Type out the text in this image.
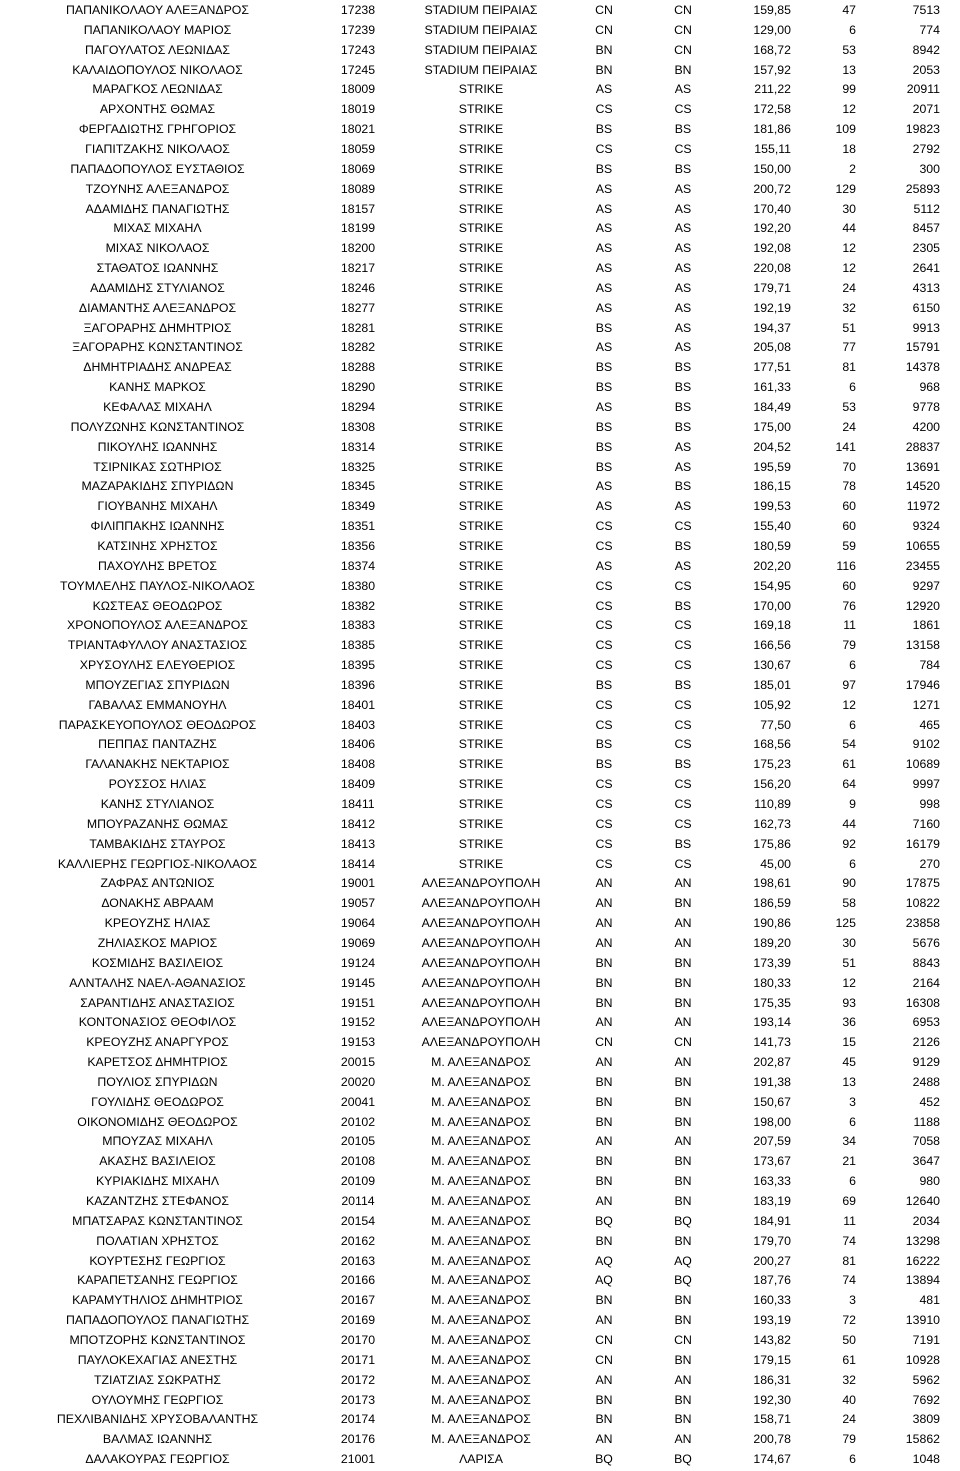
ΠΑΠΑΝΙΚΟΛΑΟΥ ΑΛΕΞΑΝΔΡΟΣ	17238	STADIUM ΠΕΙΡΑΙΑΣ	CN	CN	159,85	47	7513
ΠΑΠΑΝΙΚΟΛΑΟΥ ΜΑΡΙΟΣ	17239	STADIUM ΠΕΙΡΑΙΑΣ	CN	CN	129,00	6	774
ΠΑΓΟΥΛΑΤΟΣ ΛΕΩΝΙΔΑΣ	17243	STADIUM ΠΕΙΡΑΙΑΣ	BN	CN	168,72	53	8942
ΚΑΛΑΙΔΟΠΟΥΛΟΣ ΝΙΚΟΛΑΟΣ	17245	STADIUM ΠΕΙΡΑΙΑΣ	BN	BN	157,92	13	2053
ΜΑΡΑΓΚΟΣ ΛΕΩΝΙΔΑΣ	18009	STRIKE	AS	AS	211,22	99	20911
ΑΡΧΟΝΤΗΣ ΘΩΜΑΣ	18019	STRIKE	CS	CS	172,58	12	2071
ΦΕΡΓΑΔΙΩΤΗΣ ΓΡΗΓΟΡΙΟΣ	18021	STRIKE	BS	BS	181,86	109	19823
ΓΙΑΠΙΤΖΑΚΗΣ ΝΙΚΟΛΑΟΣ	18059	STRIKE	CS	CS	155,11	18	2792
ΠΑΠΑΔΟΠΟΥΛΟΣ ΕΥΣΤΑΘΙΟΣ	18069	STRIKE	BS	BS	150,00	2	300
ΤΖΟΥΝΗΣ ΑΛΕΞΑΝΔΡΟΣ	18089	STRIKE	AS	AS	200,72	129	25893
ΑΔΑΜΙΔΗΣ ΠΑΝΑΓΙΩΤΗΣ	18157	STRIKE	AS	AS	170,40	30	5112
ΜΙΧΑΣ ΜΙΧΑΗΛ	18199	STRIKE	AS	AS	192,20	44	8457
ΜΙΧΑΣ ΝΙΚΟΛΑΟΣ	18200	STRIKE	AS	AS	192,08	12	2305
ΣΤΑΘΑΤΟΣ ΙΩΑΝΝΗΣ	18217	STRIKE	AS	AS	220,08	12	2641
ΑΔΑΜΙΔΗΣ ΣΤΥΛΙΑΝΟΣ	18246	STRIKE	AS	AS	179,71	24	4313
ΔΙΑΜΑΝΤΗΣ ΑΛΕΞΑΝΔΡΟΣ	18277	STRIKE	AS	AS	192,19	32	6150
ΞΑΓΟΡΑΡΗΣ ΔΗΜΗΤΡΙΟΣ	18281	STRIKE	BS	AS	194,37	51	9913
ΞΑΓΟΡΑΡΗΣ ΚΩΝΣΤΑΝΤΙΝΟΣ	18282	STRIKE	AS	AS	205,08	77	15791
ΔΗΜΗΤΡΙΑΔΗΣ ΑΝΔΡΕΑΣ	18288	STRIKE	BS	BS	177,51	81	14378
ΚΑΝΗΣ ΜΑΡΚΟΣ	18290	STRIKE	BS	BS	161,33	6	968
ΚΕΦΑΛΑΣ ΜΙΧΑΗΛ	18294	STRIKE	AS	BS	184,49	53	9778
ΠΟΛΥΖΩΝΗΣ ΚΩΝΣΤΑΝΤΙΝΟΣ	18308	STRIKE	BS	BS	175,00	24	4200
ΠΙΚΟΥΛΗΣ ΙΩΑΝΝΗΣ	18314	STRIKE	BS	AS	204,52	141	28837
ΤΣΙΡΝΙΚΑΣ ΣΩΤΗΡΙΟΣ	18325	STRIKE	BS	AS	195,59	70	13691
ΜΑΖΑΡΑΚΙΔΗΣ ΣΠΥΡΙΔΩΝ	18345	STRIKE	AS	BS	186,15	78	14520
ΓΙΟΥΒΑΝΗΣ ΜΙΧΑΗΛ	18349	STRIKE	AS	AS	199,53	60	11972
ΦΙΛΙΠΠΑΚΗΣ ΙΩΑΝΝΗΣ	18351	STRIKE	CS	CS	155,40	60	9324
ΚΑΤΣΙΝΗΣ ΧΡΗΣΤΟΣ	18356	STRIKE	CS	BS	180,59	59	10655
ΠΑΧΟΥΛΗΣ ΒΡΕΤΟΣ	18374	STRIKE	AS	AS	202,20	116	23455
ΤΟΥΜΛΕΛΗΣ ΠΑΥΛΟΣ-ΝΙΚΟΛΑΟΣ	18380	STRIKE	CS	CS	154,95	60	9297
ΚΩΣΤΕΑΣ ΘΕΟΔΩΡΟΣ	18382	STRIKE	CS	BS	170,00	76	12920
ΧΡΟΝΟΠΟΥΛΟΣ ΑΛΕΞΑΝΔΡΟΣ	18383	STRIKE	CS	CS	169,18	11	1861
ΤΡΙΑΝΤΑΦΥΛΛΟΥ ΑΝΑΣΤΑΣΙΟΣ	18385	STRIKE	CS	CS	166,56	79	13158
ΧΡΥΣΟΥΛΗΣ ΕΛΕΥΘΕΡΙΟΣ	18395	STRIKE	CS	CS	130,67	6	784
ΜΠΟΥΖΕΓΙΑΣ ΣΠΥΡΙΔΩΝ	18396	STRIKE	BS	BS	185,01	97	17946
ΓΑΒΑΛΑΣ ΕΜΜΑΝΟΥΗΛ	18401	STRIKE	CS	CS	105,92	12	1271
ΠΑΡΑΣΚΕΥΟΠΟΥΛΟΣ ΘΕΟΔΩΡΟΣ	18403	STRIKE	CS	CS	77,50	6	465
ΠΕΠΠΑΣ ΠΑΝΤΑΖΗΣ	18406	STRIKE	BS	CS	168,56	54	9102
ΓΑΛΑΝΑΚΗΣ ΝΕΚΤΑΡΙΟΣ	18408	STRIKE	BS	BS	175,23	61	10689
ΡΟΥΣΣΟΣ ΗΛΙΑΣ	18409	STRIKE	CS	CS	156,20	64	9997
ΚΑΝΗΣ ΣΤΥΛΙΑΝΟΣ	18411	STRIKE	CS	CS	110,89	9	998
ΜΠΟΥΡΑΖΑΝΗΣ ΘΩΜΑΣ	18412	STRIKE	CS	CS	162,73	44	7160
ΤΑΜΒΑΚΙΔΗΣ ΣΤΑΥΡΟΣ	18413	STRIKE	CS	BS	175,86	92	16179
ΚΑΛΛΙΕΡΗΣ ΓΕΩΡΓΙΟΣ-ΝΙΚΟΛΑΟΣ	18414	STRIKE	CS	CS	45,00	6	270
ΖΑΦΡΑΣ ΑΝΤΩΝΙΟΣ	19001	ΑΛΕΞΑΝΔΡΟΥΠΟΛΗ	AN	AN	198,61	90	17875
ΔΟΝΑΚΗΣ ΑΒΡΑΑΜ	19057	ΑΛΕΞΑΝΔΡΟΥΠΟΛΗ	AN	BN	186,59	58	10822
ΚΡΕΟΥΖΗΣ ΗΛΙΑΣ	19064	ΑΛΕΞΑΝΔΡΟΥΠΟΛΗ	AN	AN	190,86	125	23858
ΖΗΛΙΑΣΚΟΣ ΜΑΡΙΟΣ	19069	ΑΛΕΞΑΝΔΡΟΥΠΟΛΗ	AN	AN	189,20	30	5676
ΚΟΣΜΙΔΗΣ ΒΑΣΙΛΕΙΟΣ	19124	ΑΛΕΞΑΝΔΡΟΥΠΟΛΗ	BN	BN	173,39	51	8843
ΑΛΝΤΑΛΗΣ ΝΑΕΛ-ΑΘΑΝΑΣΙΟΣ	19145	ΑΛΕΞΑΝΔΡΟΥΠΟΛΗ	BN	BN	180,33	12	2164
ΣΑΡΑΝΤΙΔΗΣ ΑΝΑΣΤΑΣΙΟΣ	19151	ΑΛΕΞΑΝΔΡΟΥΠΟΛΗ	BN	BN	175,35	93	16308
ΚΟΝΤΟΝΑΣΙΟΣ ΘΕΟΦΙΛΟΣ	19152	ΑΛΕΞΑΝΔΡΟΥΠΟΛΗ	AN	AN	193,14	36	6953
ΚΡΕΟΥΖΗΣ ΑΝΑΡΓΥΡΟΣ	19153	ΑΛΕΞΑΝΔΡΟΥΠΟΛΗ	CN	CN	141,73	15	2126
ΚΑΡΕΤΣΟΣ ΔΗΜΗΤΡΙΟΣ	20015	Μ. ΑΛΕΞΑΝΔΡΟΣ	AN	AN	202,87	45	9129
ΠΟΥΛΙΟΣ ΣΠΥΡΙΔΩΝ	20020	Μ. ΑΛΕΞΑΝΔΡΟΣ	BN	BN	191,38	13	2488
ΓΟΥΛΙΔΗΣ ΘΕΟΔΩΡΟΣ	20041	Μ. ΑΛΕΞΑΝΔΡΟΣ	BN	BN	150,67	3	452
ΟΙΚΟΝΟΜΙΔΗΣ ΘΕΟΔΩΡΟΣ	20102	Μ. ΑΛΕΞΑΝΔΡΟΣ	BN	BN	198,00	6	1188
ΜΠΟΥΖΑΣ ΜΙΧΑΗΛ	20105	Μ. ΑΛΕΞΑΝΔΡΟΣ	AN	AN	207,59	34	7058
ΑΚΑΣΗΣ ΒΑΣΙΛΕΙΟΣ	20108	Μ. ΑΛΕΞΑΝΔΡΟΣ	BN	BN	173,67	21	3647
ΚΥΡΙΑΚΙΔΗΣ ΜΙΧΑΗΛ	20109	Μ. ΑΛΕΞΑΝΔΡΟΣ	BN	BN	163,33	6	980
ΚΑΖΑΝΤΖΗΣ ΣΤΕΦΑΝΟΣ	20114	Μ. ΑΛΕΞΑΝΔΡΟΣ	AN	BN	183,19	69	12640
ΜΠΑΤΣΑΡΑΣ ΚΩΝΣΤΑΝΤΙΝΟΣ	20154	Μ. ΑΛΕΞΑΝΔΡΟΣ	BQ	BQ	184,91	11	2034
ΠΟΛΑΤΙΑΝ ΧΡΗΣΤΟΣ	20162	Μ. ΑΛΕΞΑΝΔΡΟΣ	BN	BN	179,70	74	13298
ΚΟΥΡΤΕΣΗΣ ΓΕΩΡΓΙΟΣ	20163	Μ. ΑΛΕΞΑΝΔΡΟΣ	AQ	AQ	200,27	81	16222
ΚΑΡΑΠΕΤΣΑΝΗΣ ΓΕΩΡΓΙΟΣ	20166	Μ. ΑΛΕΞΑΝΔΡΟΣ	AQ	BQ	187,76	74	13894
ΚΑΡΑΜΥΤΗΛΙΟΣ ΔΗΜΗΤΡΙΟΣ	20167	Μ. ΑΛΕΞΑΝΔΡΟΣ	BN	BN	160,33	3	481
ΠΑΠΑΔΟΠΟΥΛΟΣ ΠΑΝΑΓΙΩΤΗΣ	20169	Μ. ΑΛΕΞΑΝΔΡΟΣ	AN	BN	193,19	72	13910
ΜΠΟΤΖΟΡΗΣ ΚΩΝΣΤΑΝΤΙΝΟΣ	20170	Μ. ΑΛΕΞΑΝΔΡΟΣ	CN	CN	143,82	50	7191
ΠΑΥΛΟΚΕΧΑΓΙΑΣ ΑΝΕΣΤΗΣ	20171	Μ. ΑΛΕΞΑΝΔΡΟΣ	CN	BN	179,15	61	10928
ΤΖΙΑΤΖΙΑΣ ΣΩΚΡΑΤΗΣ	20172	Μ. ΑΛΕΞΑΝΔΡΟΣ	AN	AN	186,31	32	5962
ΟΥΛΟΥΜΗΣ ΓΕΩΡΓΙΟΣ	20173	Μ. ΑΛΕΞΑΝΔΡΟΣ	BN	BN	192,30	40	7692
ΠΕΧΛΙΒΑΝΙΔΗΣ ΧΡΥΣΟΒΑΛΑΝΤΗΣ	20174	Μ. ΑΛΕΞΑΝΔΡΟΣ	BN	BN	158,71	24	3809
ΒΑΛΜΑΣ ΙΩΑΝΝΗΣ	20176	Μ. ΑΛΕΞΑΝΔΡΟΣ	AN	AN	200,78	79	15862
ΔΑΛΑΚΟΥΡΑΣ ΓΕΩΡΓΙΟΣ	21001	ΛΑΡΙΣΑ	BQ	BQ	174,67	6	1048
